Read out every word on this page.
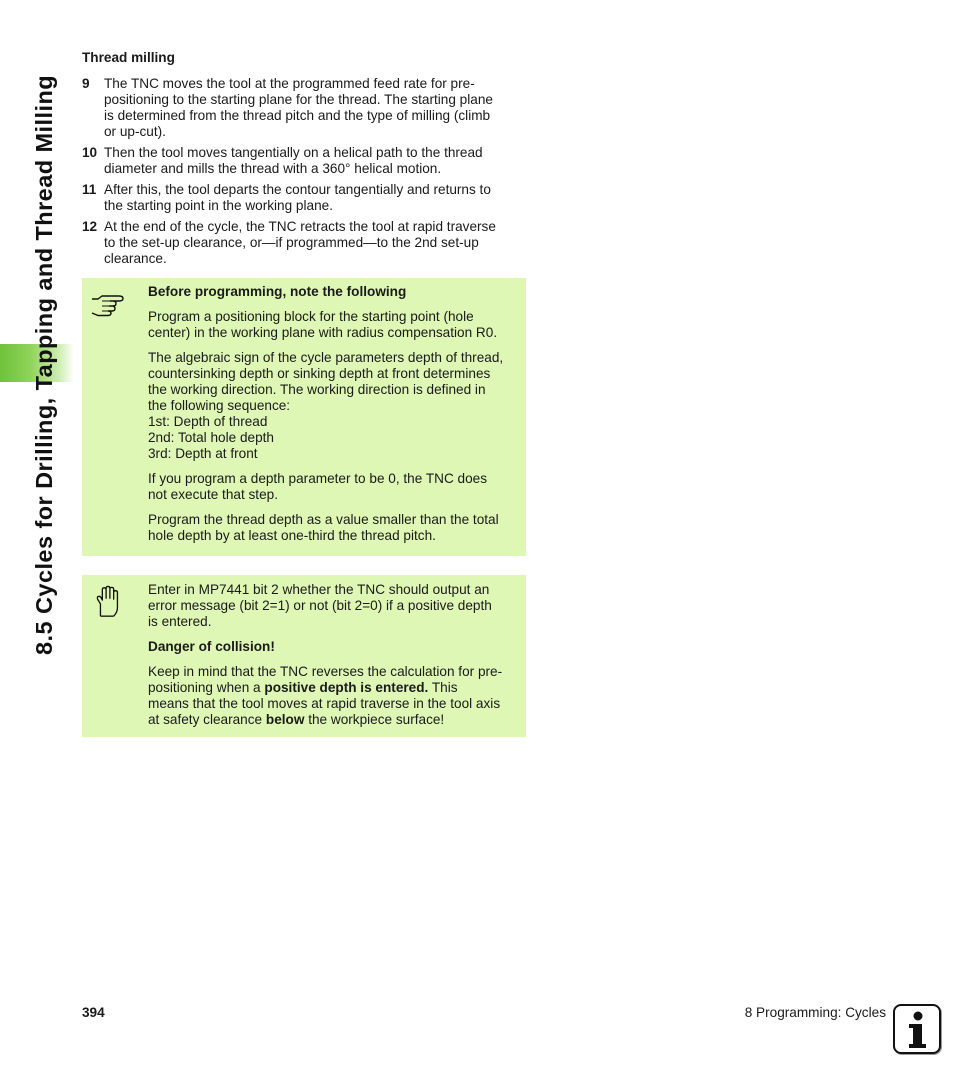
8.5 Cycles for Drilling, Tapping and Thread Milling
Thread milling
9	The TNC moves the tool at the programmed feed rate for pre-
positioning to the starting plane for the thread. The starting plane
is determined from the thread pitch and the type of milling (climb
or up-cut).
10 Then the tool moves tangentially on a helical path to the thread
diameter and mills the thread with a 360° helical motion.
11 After this, the tool departs the contour tangentially and returns to
the starting point in the working plane.
12 At the end of the cycle, the TNC retracts the tool at rapid traverse
to the set-up clearance, or—if programmed—to the 2nd set-up
clearance.

Before programming, note the following

Program a positioning block for the starting point (hole
center) in the working plane with radius compensation R0.

The algebraic sign of the cycle parameters depth of thread,
countersinking depth or sinking depth at front determines
the working direction. The working direction is defined in
the following sequence:
1st: Depth of thread
2nd: Total hole depth
3rd: Depth at front

If you program a depth parameter to be 0, the TNC does
not execute that step.

Program the thread depth as a value smaller than the total
hole depth by at least one-third the thread pitch.

Enter in MP7441 bit 2 whether the TNC should output an
error message (bit 2=1) or not (bit 2=0) if a positive depth
is entered.

Danger of collision!

Keep in mind that the TNC reverses the calculation for pre-
positioning when a positive depth is entered. This
means that the tool moves at rapid traverse in the tool axis
at safety clearance below the workpiece surface!

394	8 Programming: Cycles
